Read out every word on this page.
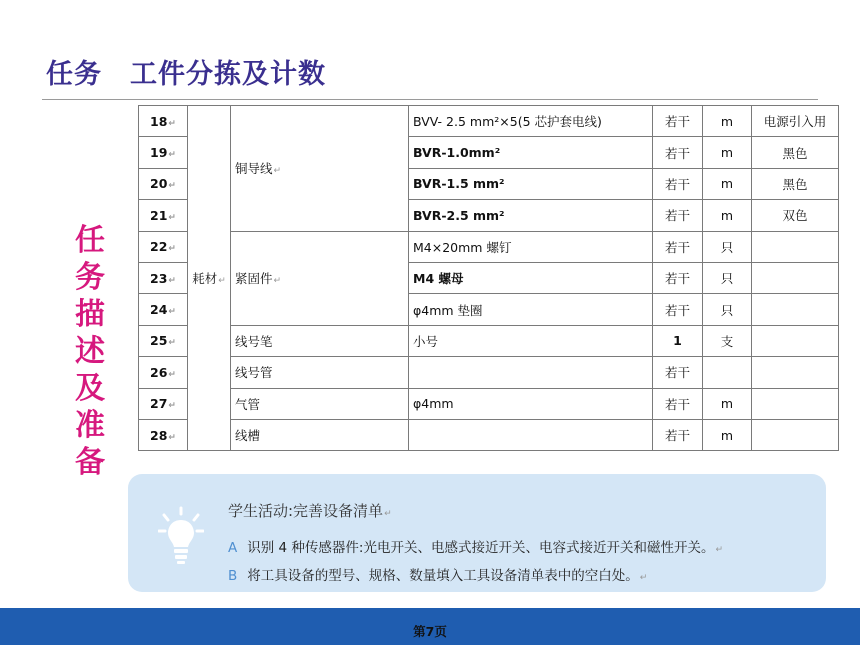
任务　工件分拣及计数
任
务
描
述
及
准
备
18↵	耗材↵	铜导线↵	BVV- 2.5 mm²×5(5 芯护套电线)	若干	m	电源引入用
19↵			BVR-1.0mm²	若干	m	黑色
20↵			BVR-1.5 mm²	若干	m	黑色
21↵			BVR-2.5 mm²	若干	m	双色
22↵		紧固件↵	M4×20mm 螺钉	若干	只	
23↵			M4 螺母	若干	只	
24↵			φ4mm 垫圈	若干	只	
25↵		线号笔	小号	1	支	
26↵		线号管		若干		
27↵		气管	φ4mm	若干	m	
28↵		线槽		若干	m	
学生活动:完善设备清单↵
A 识别 4 种传感器件:光电开关、电感式接近开关、电容式接近开关和磁性开关。↵
B 将工具设备的型号、规格、数量填入工具设备清单表中的空白处。↵
第7页
